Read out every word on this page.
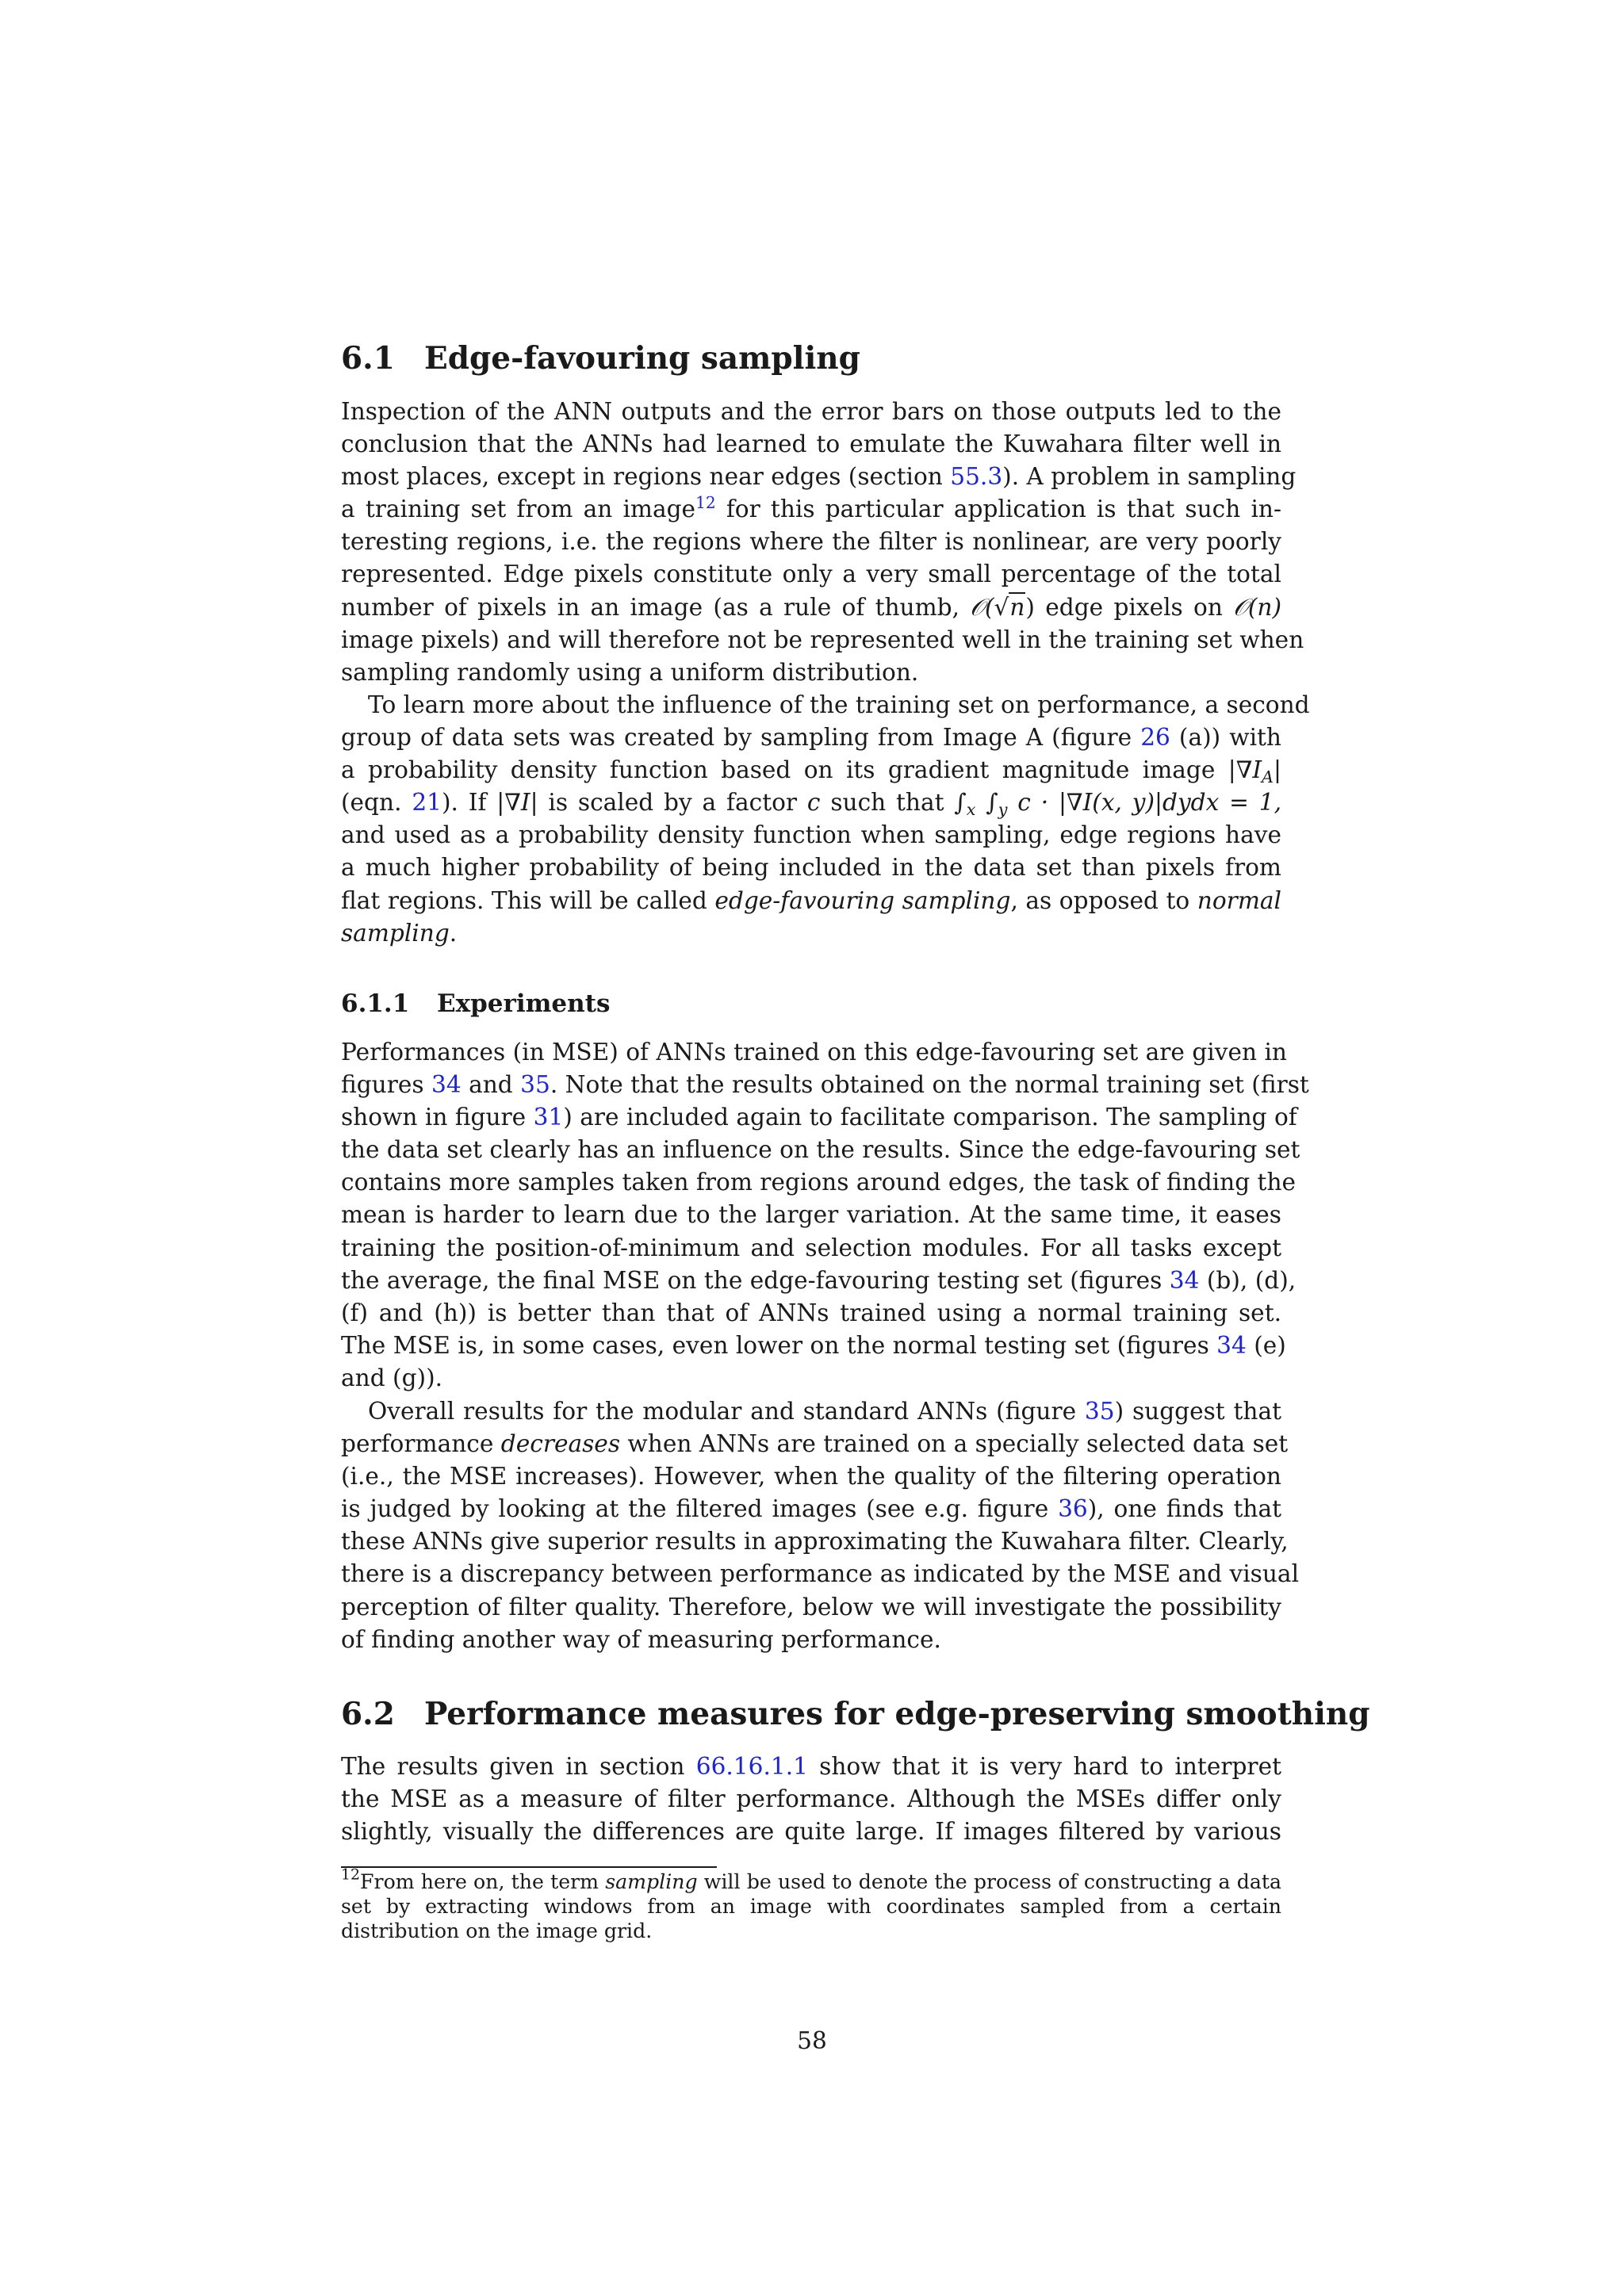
6.1 Edge-favouring sampling
Inspection of the ANN outputs and the error bars on those outputs led to the
conclusion that the ANNs had learned to emulate the Kuwahara filter well in
most places, except in regions near edges (section 55.3). A problem in sampling
a training set from an image$^{12}$ for this particular application is that such in-
teresting regions, i.e. the regions where the filter is nonlinear, are very poorly
represented. Edge pixels constitute only a very small percentage of the total
number of pixels in an image (as a rule of thumb, 𝒪(√n) edge pixels on 𝒪(n)
image pixels) and will therefore not be represented well in the training set when
sampling randomly using a uniform distribution.
To learn more about the influence of the training set on performance, a second
group of data sets was created by sampling from Image A (figure 26 (a)) with
a probability density function based on its gradient magnitude image $|\nabla I_A|$
(eqn. 21). If |∇I| is scaled by a factor c such that $\int_x$ $\int_y$ c · |∇I(x, y)|dydx = 1,
and used as a probability density function when sampling, edge regions have
a much higher probability of being included in the data set than pixels from
flat regions. This will be called edge-favouring sampling, as opposed to normal
sampling.
6.1.1 Experiments
Performances (in MSE) of ANNs trained on this edge-favouring set are given in
figures 34 and 35. Note that the results obtained on the normal training set (first
shown in figure 31) are included again to facilitate comparison. The sampling of
the data set clearly has an influence on the results. Since the edge-favouring set
contains more samples taken from regions around edges, the task of finding the
mean is harder to learn due to the larger variation. At the same time, it eases
training the position-of-minimum and selection modules. For all tasks except
the average, the final MSE on the edge-favouring testing set (figures 34 (b), (d),
(f) and (h)) is better than that of ANNs trained using a normal training set.
The MSE is, in some cases, even lower on the normal testing set (figures 34 (e)
and (g)).
Overall results for the modular and standard ANNs (figure 35) suggest that
performance decreases when ANNs are trained on a specially selected data set
(i.e., the MSE increases). However, when the quality of the filtering operation
is judged by looking at the filtered images (see e.g. figure 36), one finds that
these ANNs give superior results in approximating the Kuwahara filter. Clearly,
there is a discrepancy between performance as indicated by the MSE and visual
perception of filter quality. Therefore, below we will investigate the possibility
of finding another way of measuring performance.
6.2 Performance measures for edge-preserving smoothing
The results given in section 66.16.1.1 show that it is very hard to interpret
the MSE as a measure of filter performance. Although the MSEs differ only
slightly, visually the differences are quite large. If images filtered by various
$^{12}$From here on, the term sampling will be used to denote the process of constructing a data set by extracting windows from an image with coordinates sampled from a certain distribution on the image grid.
58
